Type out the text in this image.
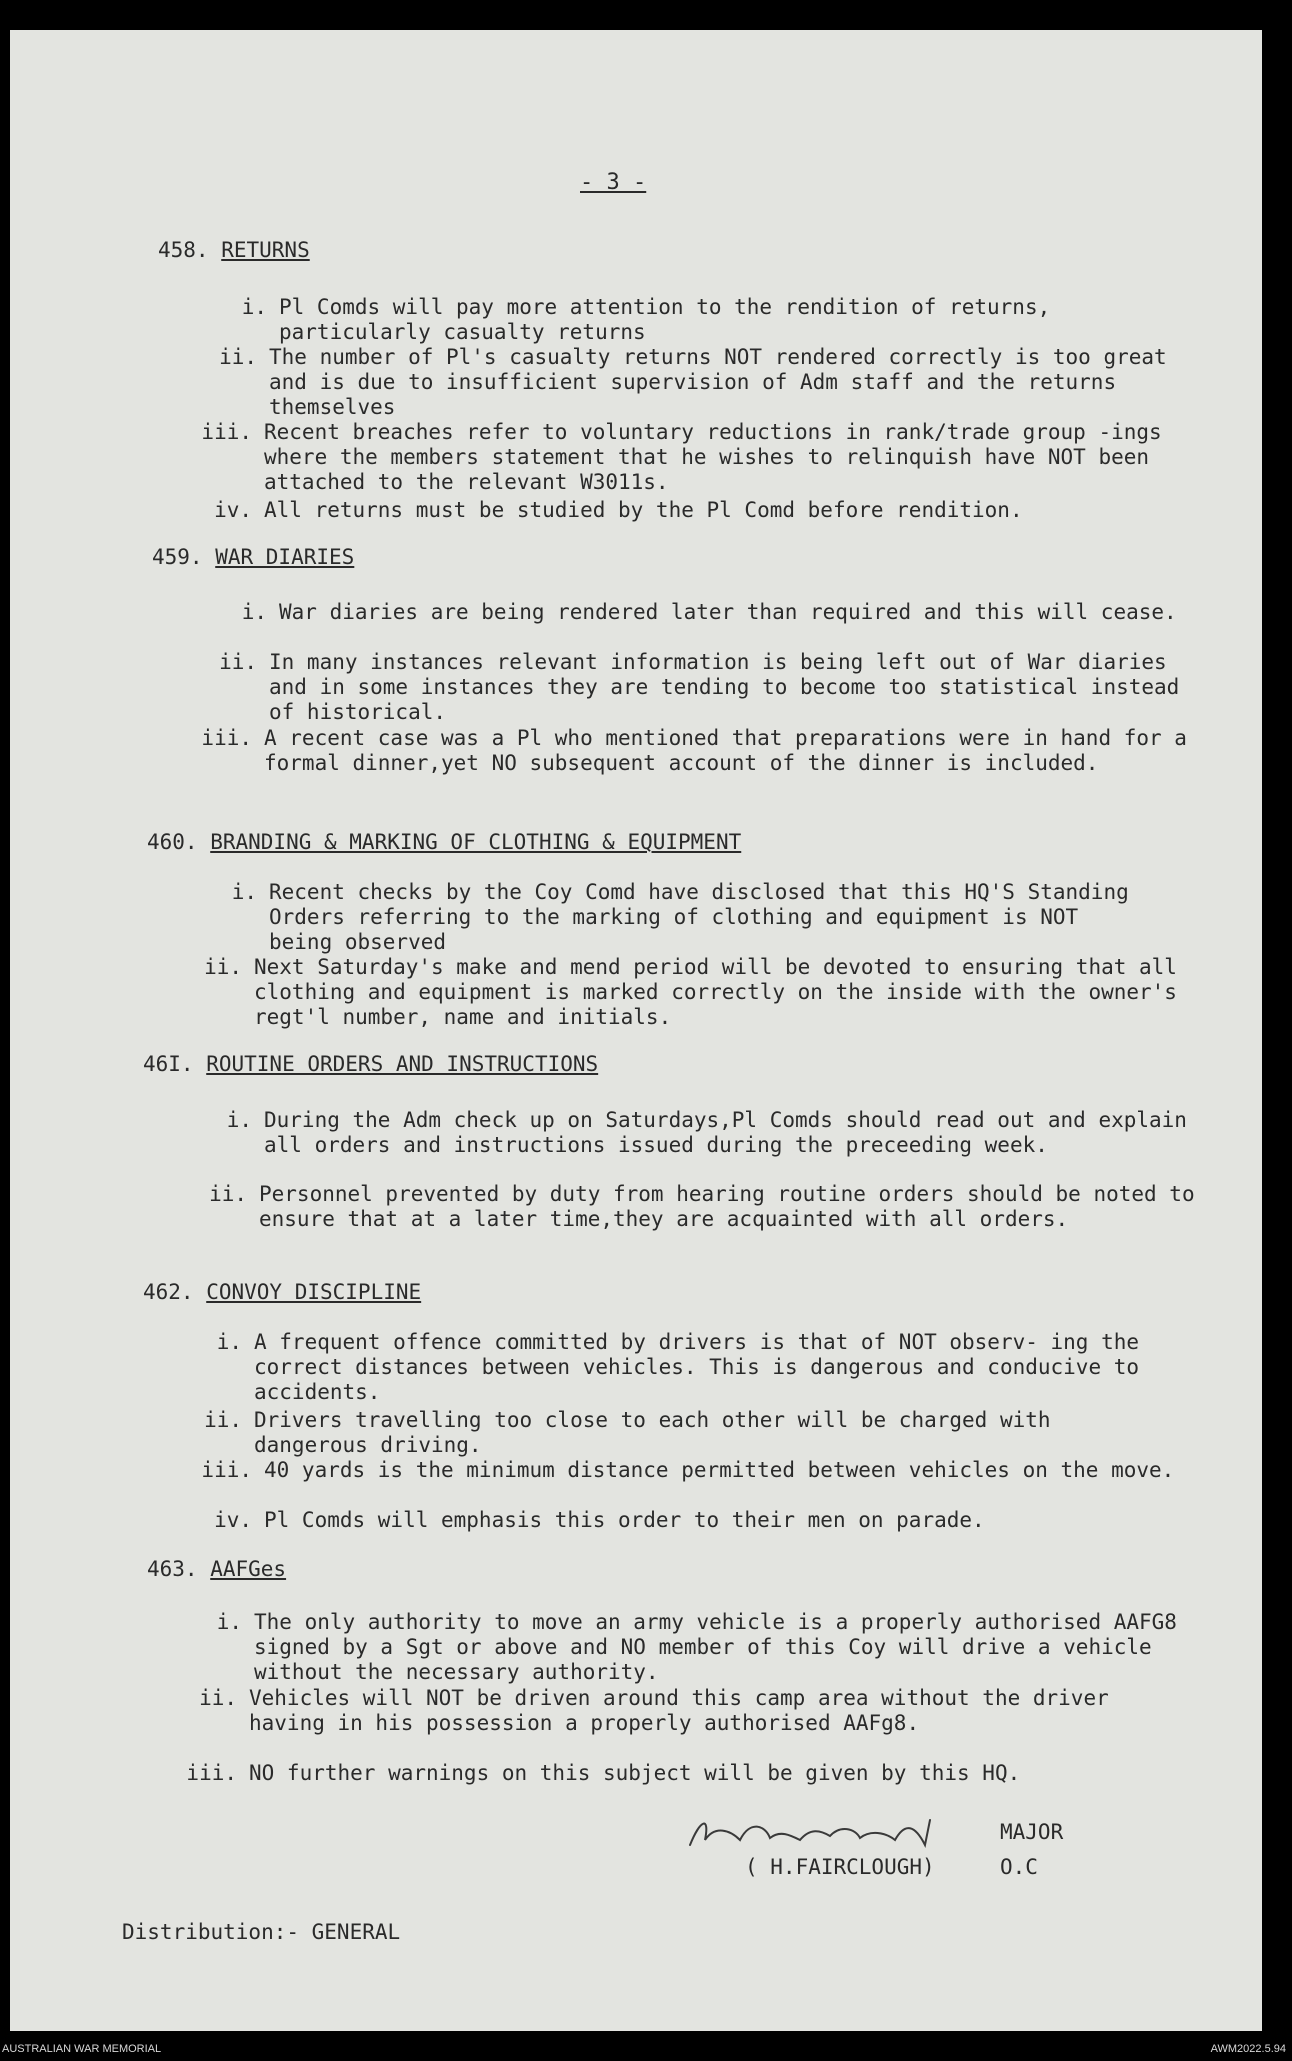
- 3 -
458. RETURNS
i. Pl Comds will pay more attention to the rendition of returns, particularly casualty returns
ii. The number of Pl's casualty returns NOT rendered correctly is too great and is due to insufficient supervision of Adm staff and the returns themselves
iii. Recent breaches refer to voluntary reductions in rank/trade group -ings where the members statement that he wishes to relinquish have NOT been attached to the relevant W3011s.
iv. All returns must be studied by the Pl Comd before rendition.
459. WAR DIARIES
i. War diaries are being rendered later than required and this will cease.
ii. In many instances relevant information is being left out of War diaries and in some instances they are tending to become too statistical instead of historical.
iii. A recent case was a Pl who mentioned that preparations were in hand for a formal dinner,yet NO subsequent account of the dinner is included.
460. BRANDING & MARKING OF CLOTHING & EQUIPMENT
i. Recent checks by the Coy Comd have disclosed that this HQ'S Standing Orders referring to the marking of clothing and equipment is NOT being observed
ii. Next Saturday's make and mend period will be devoted to ensuring that all clothing and equipment is marked correctly on the inside with the owner's regt'l number, name and initials.
46I. ROUTINE ORDERS AND INSTRUCTIONS
i. During the Adm check up on Saturdays,Pl Comds should read out and explain all orders and instructions issued during the preceeding week.
ii. Personnel prevented by duty from hearing routine orders should be noted to ensure that at a later time,they are acquainted with all orders.
462. CONVOY DISCIPLINE
i. A frequent offence committed by drivers is that of NOT observ- ing the correct distances between vehicles. This is dangerous and conducive to accidents.
ii. Drivers travelling too close to each other will be charged with dangerous driving.
iii. 40 yards is the minimum distance permitted between vehicles on the move.
iv. Pl Comds will emphasis this order to their men on parade.
463. AAFGes
i. The only authority to move an army vehicle is a properly authorised AAFG8 signed by a Sgt or above and NO member of this Coy will drive a vehicle without the necessary authority.
ii. Vehicles will NOT be driven around this camp area without the driver having in his possession a properly authorised AAFg8.
iii. NO further warnings on this subject will be given by this HQ.
MAJOR
( H.FAIRCLOUGH)	O.C
Distribution:- GENERAL
AUSTRALIAN WAR MEMORIAL	AWM2022.5.94
